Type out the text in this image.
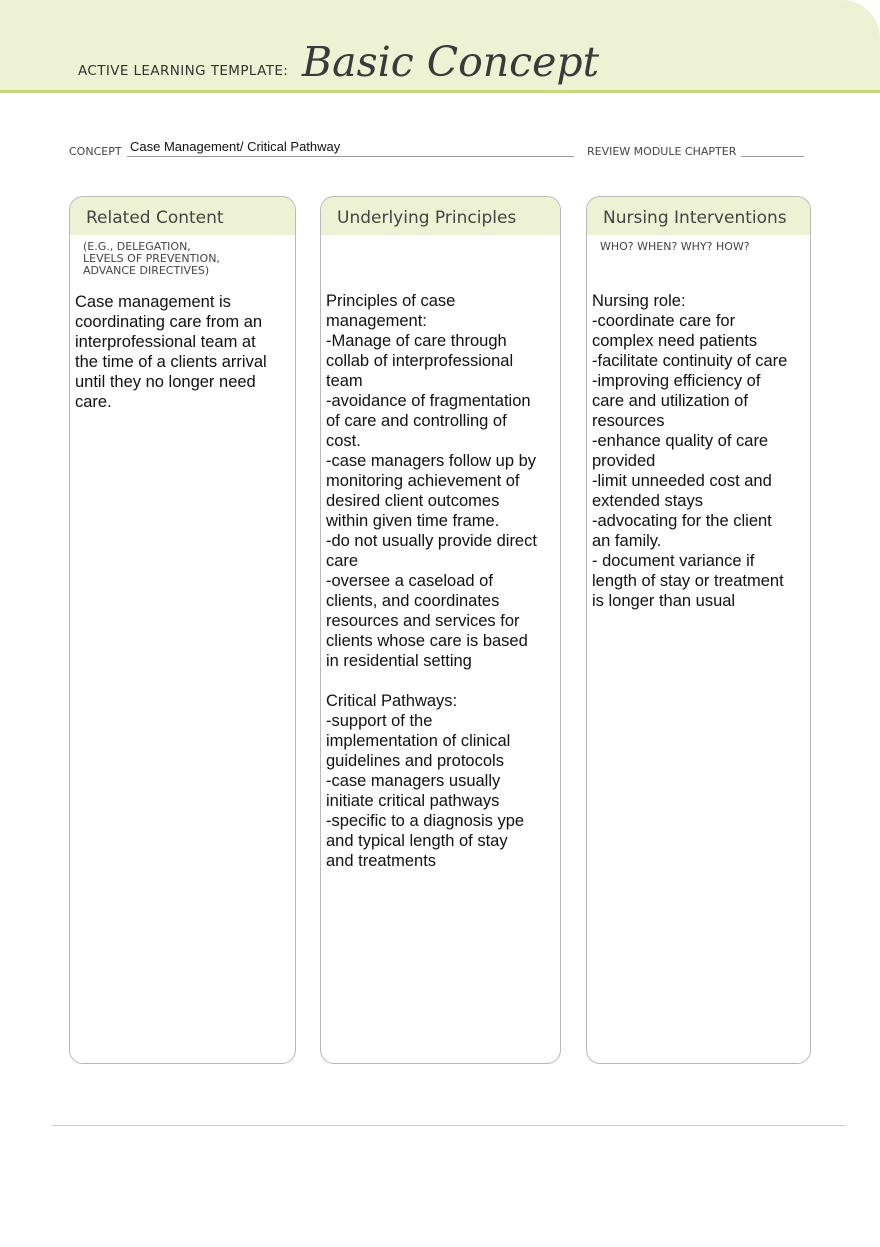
ACTIVE LEARNING TEMPLATE: Basic Concept
CONCEPT Case Management/ Critical Pathway	REVIEW MODULE CHAPTER
Related Content
(E.G., DELEGATION,
LEVELS OF PREVENTION,
ADVANCE DIRECTIVES)
Case management is
coordinating care from an
interprofessional team at
the time of a clients arrival
until they no longer need
care.
Underlying Principles
Principles of case
management:
-Manage of care through
collab of interprofessional
team
-avoidance of fragmentation
of care and controlling of
cost.
-case managers follow up by
monitoring achievement of
desired client outcomes
within given time frame.
-do not usually provide direct
care
-oversee a caseload of
clients, and coordinates
resources and services for
clients whose care is based
in residential setting

Critical Pathways:
-support of the
implementation of clinical
guidelines and protocols
-case managers usually
initiate critical pathways
-specific to a diagnosis ype
and typical length of stay
and treatments
Nursing Interventions
WHO? WHEN? WHY? HOW?
Nursing role:
-coordinate care for
complex need patients
-facilitate continuity of care
-improving efficiency of
care and utilization of
resources
-enhance quality of care
provided
-limit unneeded cost and
extended stays
-advocating for the client
an family.
- document variance if
length of stay or treatment
is longer than usual
